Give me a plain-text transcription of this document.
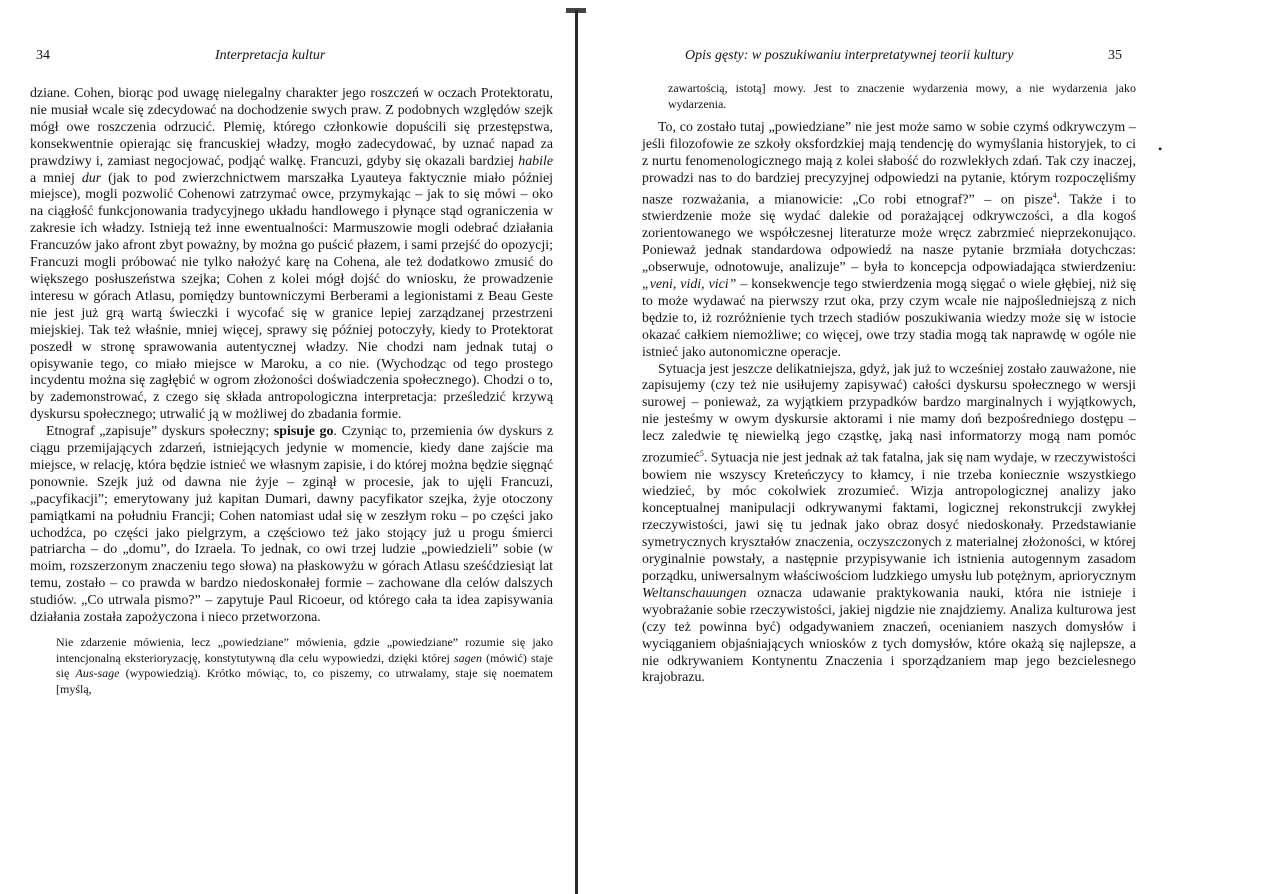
34	Interpretacja kultur

dziane. Cohen, biorąc pod uwagę nielegalny charakter jego roszczeń w oczach Protektoratu, nie musiał wcale się zdecydować na dochodzenie swych praw. Z podobnych względów szejk mógł owe roszczenia odrzucić. Plemię, którego członkowie dopuścili się przestępstwa, konsekwentnie opierając się francuskiej władzy, mogło zadecydować, by uznać napad za prawdziwy i, zamiast negocjować, podjąć walkę. Francuzi, gdyby się okazali bardziej habile a mniej dur (jak to pod zwierzchnictwem marszałka Lyauteya faktycznie miało później miejsce), mogli pozwolić Cohenowi zatrzymać owce, przymykając – jak to się mówi – oko na ciągłość funkcjonowania tradycyjnego układu handlowego i płynące stąd ograniczenia w zakresie ich władzy. Istnieją też inne ewentualności: Marmuszowie mogli odebrać działania Francuzów jako afront zbyt poważny, by można go puścić płazem, i sami przejść do opozycji; Francuzi mogli próbować nie tylko nałożyć karę na Cohena, ale też dodatkowo zmusić do większego posłuszeństwa szejka; Cohen z kolei mógł dojść do wniosku, że prowadzenie interesu w górach Atlasu, pomiędzy buntowniczymi Berberami a legionistami z Beau Geste nie jest już grą wartą świeczki i wycofać się w granice lepiej zarządzanej przestrzeni miejskiej. Tak też właśnie, mniej więcej, sprawy się później potoczyły, kiedy to Protektorat poszedł w stronę sprawowania autentycznej władzy. Nie chodzi nam jednak tutaj o opisywanie tego, co miało miejsce w Maroku, a co nie. (Wychodząc od tego prostego incydentu można się zagłębić w ogrom złożoności doświadczenia społecznego). Chodzi o to, by zademonstrować, z czego się składa antropologiczna interpretacja: prześledzić krzywą dyskursu społecznego; utrwalić ją w możliwej do zbadania formie.

Etnograf „zapisuje” dyskurs społeczny; spisuje go. Czyniąc to, przemienia ów dyskurs z ciągu przemijających zdarzeń, istniejących jedynie w momencie, kiedy dane zajście ma miejsce, w relację, która będzie istnieć we własnym zapisie, i do której można będzie sięgnąć ponownie. Szejk już od dawna nie żyje – zginął w procesie, jak to ujęli Francuzi, „pacyfikacji”; emerytowany już kapitan Dumari, dawny pacyfikator szejka, żyje otoczony pamiątkami na południu Francji; Cohen natomiast udał się w zeszłym roku – po części jako uchodźca, po części jako pielgrzym, a częściowo też jako stojący już u progu śmierci patriarcha – do „domu”, do Izraela. To jednak, co owi trzej ludzie „powiedzieli” sobie (w moim, rozszerzonym znaczeniu tego słowa) na płaskowyżu w górach Atlasu sześćdziesiąt lat temu, zostało – co prawda w bardzo niedoskonałej formie – zachowane dla celów dalszych studiów. „Co utrwala pismo?” – zapytuje Paul Ricoeur, od którego cała ta idea zapisywania działania została zapożyczona i nieco przetworzona.

Nie zdarzenie mówienia, lecz „powiedziane” mówienia, gdzie „powiedziane” rozumie się jako intencjonalną eksterioryzację, konstytutywną dla celu wypowiedzi, dzięki której sagen (mówić) staje się Aus-sage (wypowiedzią). Krótko mówiąc, to, co piszemy, co utrwalamy, staje się noematem [myślą,

Opis gęsty: w poszukiwaniu interpretatywnej teorii kultury	35

zawartością, istotą] mowy. Jest to znaczenie wydarzenia mowy, a nie wydarzenia jako wydarzenia.

To, co zostało tutaj „powiedziane” nie jest może samo w sobie czymś odkrywczym – jeśli filozofowie ze szkoły oksfordzkiej mają tendencję do wymyślania historyjek, to ci z nurtu fenomenologicznego mają z kolei słabość do rozwlekłych zdań. Tak czy inaczej, prowadzi nas to do bardziej precyzyjnej odpowiedzi na pytanie, którym rozpoczęliśmy nasze rozważania, a mianowicie: „Co robi etnograf?” – on pisze$^4$. Także i to stwierdzenie może się wydać dalekie od porażającej odkrywczości, a dla kogoś zorientowanego we współczesnej literaturze może wręcz zabrzmieć nieprzekonująco. Ponieważ jednak standardowa odpowiedź na nasze pytanie brzmiała dotychczas: „obserwuje, odnotowuje, analizuje” – była to koncepcja odpowiadająca stwierdzeniu: „veni, vidi, vici” – konsekwencje tego stwierdzenia mogą sięgać o wiele głębiej, niż się to może wydawać na pierwszy rzut oka, przy czym wcale nie najpośledniejszą z nich będzie to, iż rozróżnienie tych trzech stadiów poszukiwania wiedzy może się w istocie okazać całkiem niemożliwe; co więcej, owe trzy stadia mogą tak naprawdę w ogóle nie istnieć jako autonomiczne operacje.

Sytuacja jest jeszcze delikatniejsza, gdyż, jak już to wcześniej zostało zauważone, nie zapisujemy (czy też nie usiłujemy zapisywać) całości dyskursu społecznego w wersji surowej – ponieważ, za wyjątkiem przypadków bardzo marginalnych i wyjątkowych, nie jesteśmy w owym dyskursie aktorami i nie mamy doń bezpośredniego dostępu – lecz zaledwie tę niewielką jego cząstkę, jaką nasi informatorzy mogą nam pomóc zrozumieć$^5$. Sytuacja nie jest jednak aż tak fatalna, jak się nam wydaje, w rzeczywistości bowiem nie wszyscy Kreteńczycy to kłamcy, i nie trzeba koniecznie wszystkiego wiedzieć, by móc cokolwiek zrozumieć. Wizja antropologicznej analizy jako konceptualnej manipulacji odkrywanymi faktami, logicznej rekonstrukcji zwykłej rzeczywistości, jawi się tu jednak jako obraz dosyć niedoskonały. Przedstawianie symetrycznych kryształów znaczenia, oczyszczonych z materialnej złożoności, w której oryginalnie powstały, a następnie przypisywanie ich istnienia autogennym zasadom porządku, uniwersalnym właściwościom ludzkiego umysłu lub potężnym, apriorycznym Weltanschauungen oznacza udawanie praktykowania nauki, która nie istnieje i wyobrażanie sobie rzeczywistości, jakiej nigdzie nie znajdziemy. Analiza kulturowa jest (czy też powinna być) odgadywaniem znaczeń, ocenianiem naszych domysłów i wyciąganiem objaśniających wniosków z tych domysłów, które okażą się najlepsze, a nie odkrywaniem Kontynentu Znaczenia i sporządzaniem map jego bezcielesnego krajobrazu.

•
